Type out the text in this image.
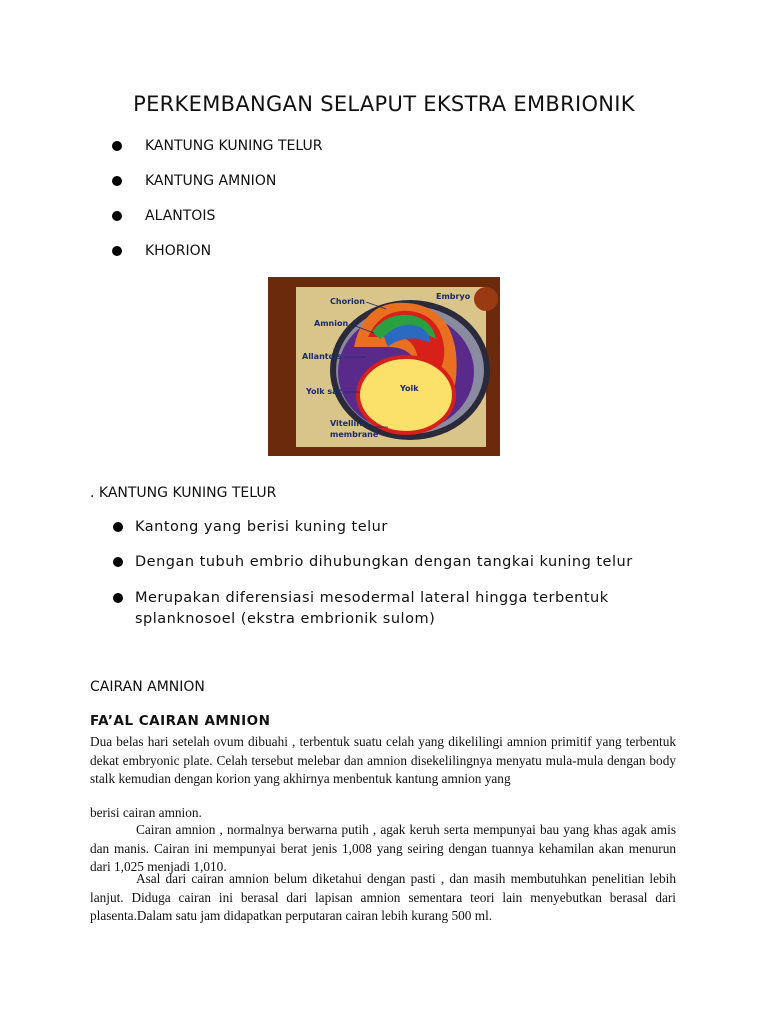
PERKEMBANGAN SELAPUT EKSTRA EMBRIONIK
KANTUNG KUNING TELUR
KANTUNG AMNION
ALANTOIS
KHORION
Chorion
Embryo
Amnion
Allantois
Yolk sac	Yolk
Vitelline
membrane
. KANTUNG KUNING TELUR
Kantong yang berisi kuning telur
Dengan tubuh embrio dihubungkan dengan tangkai kuning telur
Merupakan diferensiasi mesodermal lateral hingga terbentuk
splanknosoel (ekstra embrionik sulom)
CAIRAN AMNION
FA’AL CAIRAN AMNION

Dua belas hari setelah ovum dibuahi , terbentuk suatu celah yang dikelilingi amnion primitif yang terbentuk dekat embryonic plate. Celah tersebut melebar dan amnion disekelilingnya menyatu mula-mula dengan body stalk kemudian dengan korion yang akhirnya menbentuk kantung amnion yang

berisi cairan amnion.

Cairan amnion , normalnya berwarna putih , agak keruh serta mempunyai bau yang khas agak amis dan manis. Cairan ini mempunyai berat jenis 1,008 yang seiring dengan tuannya kehamilan akan menurun dari 1,025 menjadi 1,010.

Asal dari cairan amnion belum diketahui dengan pasti , dan masih membutuhkan penelitian lebih lanjut. Diduga cairan ini berasal dari lapisan amnion sementara teori lain menyebutkan berasal dari plasenta.Dalam satu jam didapatkan perputaran cairan lebih kurang 500 ml.
